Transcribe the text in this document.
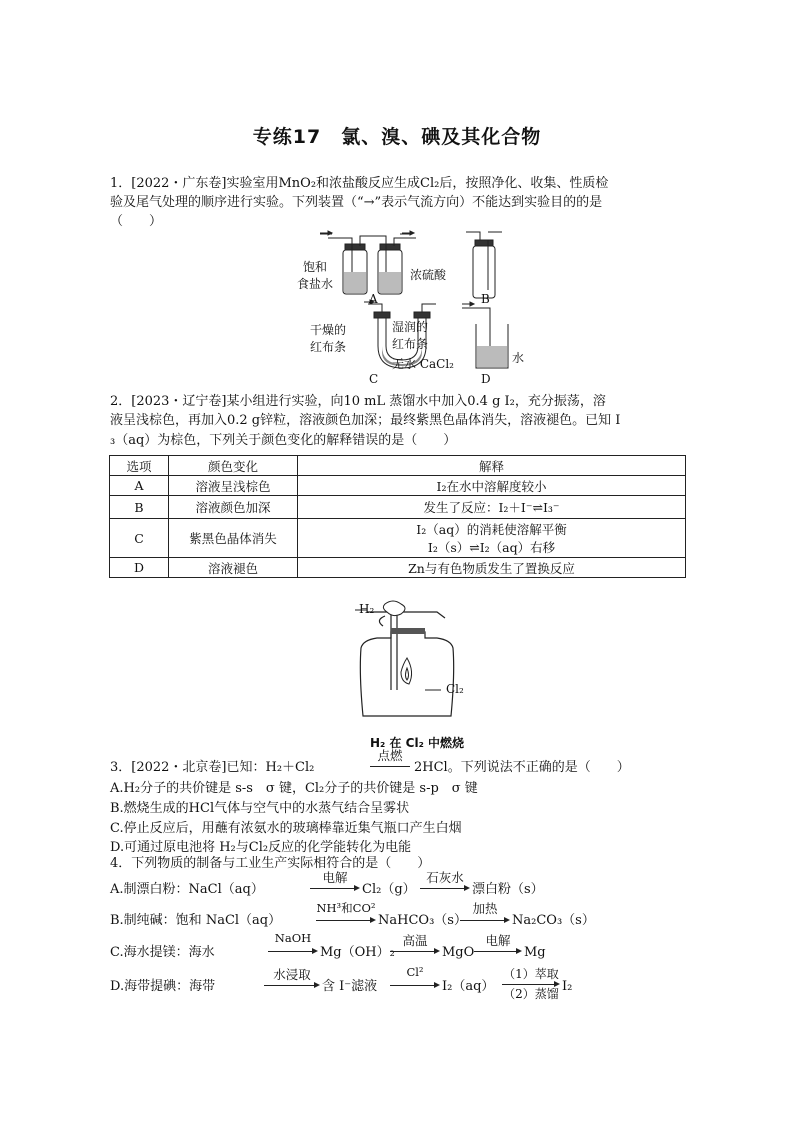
专练17　氯、溴、碘及其化合物
1．[2022・广东卷]实验室用MnO₂和浓盐酸反应生成Cl₂后，按照净化、收集、性质检
验及尾气处理的顺序进行实验。下列装置（“→”表示气流方向）不能达到实验目的的是
（　　）
饱和
食盐水
浓硫酸
A	B
干燥的
红布条
湿润的
红布条
无水 CaCl₂
C
水
D
2．[2023・辽宁卷]某小组进行实验，向10 mL 蒸馏水中加入0.4 g I₂，充分振荡，溶
液呈浅棕色，再加入0.2 g锌粒，溶液颜色加深；最终紫黑色晶体消失，溶液褪色。已知 I
₃（aq）为棕色，下列关于颜色变化的解释错误的是（　　）
选项	颜色变化	解释
A	溶液呈浅棕色	I₂在水中溶解度较小
B	溶液颜色加深	发生了反应：I₂＋I⁻⇌I₃⁻
C	紫黑色晶体消失	I₂（aq）的消耗使溶解平衡
I₂（s）⇌I₂（aq）右移

D	溶液褪色	Zn与有色物质发生了置换反应
H₂
Cl₂
H₂ 在 Cl₂ 中燃烧
3．[2022・北京卷]已知：H₂＋Cl₂
点燃
2HCl。下列说法不正确的是（　　）
A.H₂分子的共价键是 s-s　σ 键，Cl₂分子的共价键是 s-p　σ 键
B.燃烧生成的HCl气体与空气中的水蒸气结合呈雾状
C.停止反应后，用蘸有浓氨水的玻璃棒靠近集气瓶口产生白烟
D.可通过原电池将 H₂与Cl₂反应的化学能转化为电能
4．下列物质的制备与工业生产实际相符合的是（　　）
A.制漂白粉：NaCl（aq）
电解
Cl₂（g）
石灰水
漂白粉（s）
B.制纯碱：饱和 NaCl（aq）
NH³和CO²
NaHCO₃（s）
加热
Na₂CO₃（s）
C.海水提镁：海水
NaOH
Mg（OH）₂
高温
MgO
电解
Mg
D.海带提碘：海带
水浸取
含 I⁻滤液
Cl²
I₂（aq）
（1）萃取
（2）蒸馏 I₂
